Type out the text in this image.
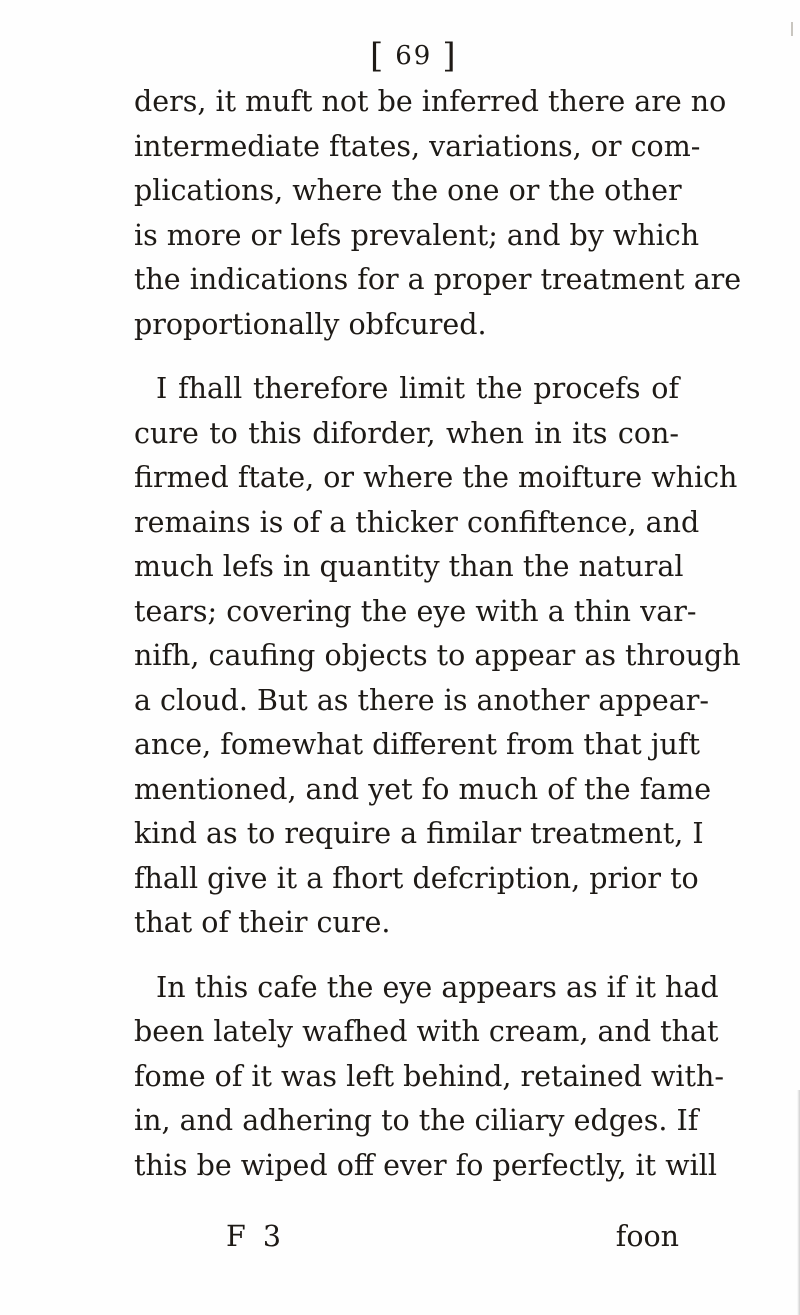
[ 69 ]
ders, it muft not be inferred there are no
intermediate ftates, variations, or com-
plications, where the one or the other
is more or lefs prevalent; and by which
the indications for a proper treatment are
proportionally obfcured.
I fhall therefore limit the procefs of
cure to this diforder, when in its con-
firmed ftate, or where the moifture which
remains is of a thicker confiftence, and
much lefs in quantity than the natural
tears; covering the eye with a thin var-
nifh, caufing objects to appear as through
a cloud. But as there is another appear-
ance, fomewhat different from that juft
mentioned, and yet fo much of the fame
kind as to require a fimilar treatment, I
fhall give it a fhort defcription, prior to
that of their cure.
In this cafe the eye appears as if it had
been lately wafhed with cream, and that
fome of it was left behind, retained with-
in, and adhering to the ciliary edges. If
this be wiped off ever fo perfectly, it will
F 3	foon
